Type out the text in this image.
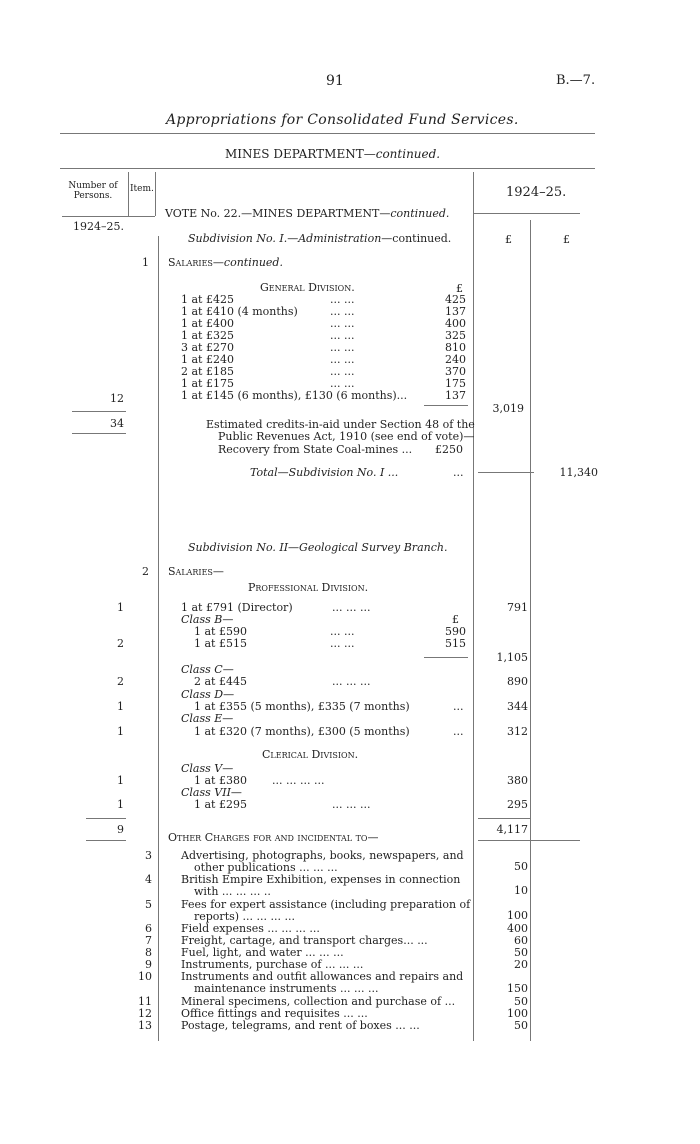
91	B.—7.
Appropriations for Consolidated Fund Services.
MINES DEPARTMENT—continued.
Number of Persons.
Item.	1924–25.
1924–25.
£	£
VOTE No. 22.—MINES DEPARTMENT—continued.
Subdivision No. I.—Administration—continued.
1 Salaries—continued.
General Division.	£
1 at £425	... ...	425
1 at £410 (4 months)	... ...	137
1 at £400	... ...	400
1 at £325	... ...	325
3 at £270	... ...	810
1 at £240	... ...	240
2 at £185	... ...	370
1 at £175	... ...	175
1 at £145 (6 months), £130 (6 months)...	137
12
3,019
34	Estimated credits-in-aid under Section 48 of the
Public Revenues Act, 1910 (see end of vote)—
Recovery from State Coal-mines ... £250
Total—Subdivision No. I ...	...	11,340
Subdivision No. II—Geological Survey Branch.
2 Salaries—
Professional Division.
1	1 at £791 (Director)	... ... ...	791
Class B—	£
1 at £590	... ...	590
2	1 at £515	... ...	515
1,105
Class C—
2	2 at £445	... ... ...	890
Class D—
1	1 at £355 (5 months), £335 (7 months)	...	344
Class E—
1	1 at £320 (7 months), £300 (5 months)	...	312
Clerical Division.
Class V—
1	1 at £380 ... ... ... ...	380
Class VII—
1	1 at £295	... ... ...	295
9	4,117
Other Charges for and incidental to—
3	Advertising, photographs, books, newspapers, and
other publications ... ... ...	50
4	British Empire Exhibition, expenses in connection
with ... ... ... ..	10
5	Fees for expert assistance (including preparation of
reports) ... ... ... ...	100
6	Field expenses ... ... ... ...	400
7	Freight, cartage, and transport charges... ...	60
8	Fuel, light, and water ... ... ...	50
9	Instruments, purchase of ... ... ...	20
10	Instruments and outfit allowances and repairs and
maintenance instruments ... ... ...	150
11	Mineral specimens, collection and purchase of ...	50
12	Office fittings and requisites ... ...	100
13	Postage, telegrams, and rent of boxes ... ...	50
